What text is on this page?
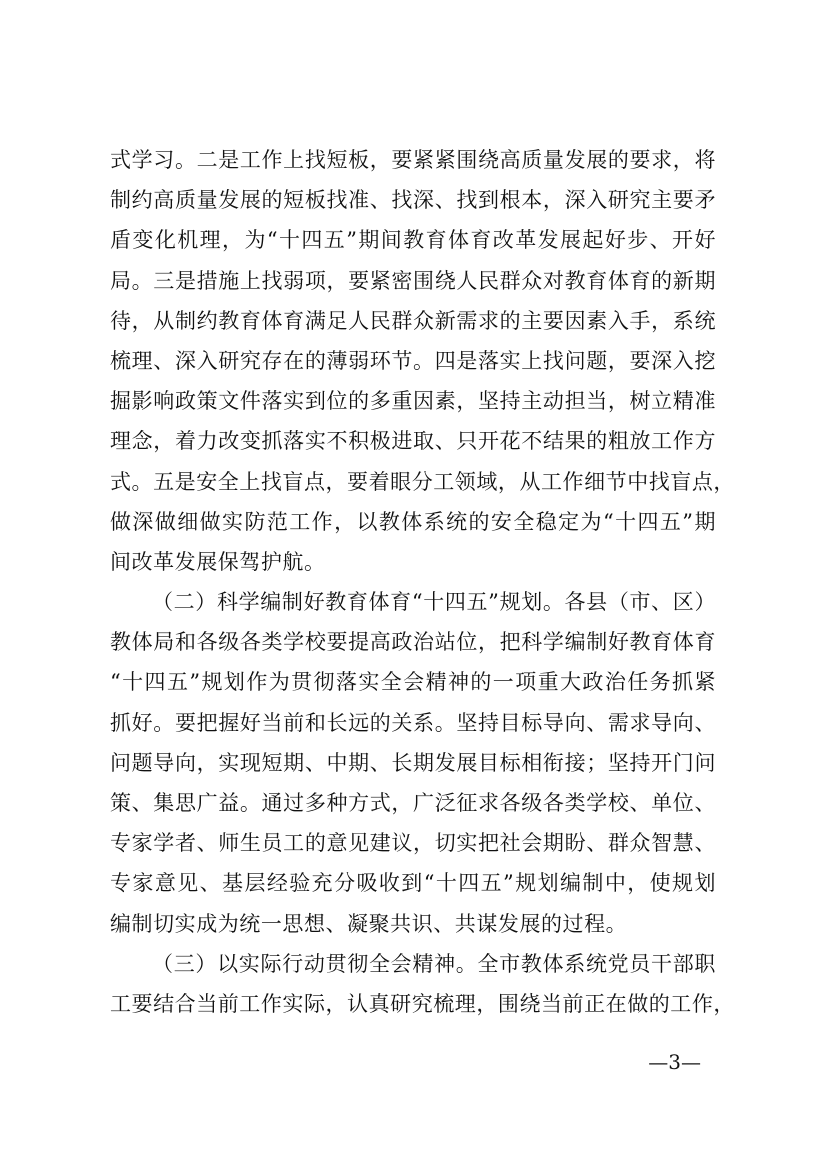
式学习。二是工作上找短板，要紧紧围绕高质量发展的要求，将
制约高质量发展的短板找准、找深、找到根本，深入研究主要矛
盾变化机理，为“十四五”期间教育体育改革发展起好步、开好
局。三是措施上找弱项，要紧密围绕人民群众对教育体育的新期
待，从制约教育体育满足人民群众新需求的主要因素入手，系统
梳理、深入研究存在的薄弱环节。四是落实上找问题，要深入挖
掘影响政策文件落实到位的多重因素，坚持主动担当，树立精准
理念，着力改变抓落实不积极进取、只开花不结果的粗放工作方
式。五是安全上找盲点，要着眼分工领域，从工作细节中找盲点，
做深做细做实防范工作，以教体系统的安全稳定为“十四五”期
间改革发展保驾护航。
（二）科学编制好教育体育“十四五”规划。各县（市、区）
教体局和各级各类学校要提高政治站位，把科学编制好教育体育
“十四五”规划作为贯彻落实全会精神的一项重大政治任务抓紧
抓好。要把握好当前和长远的关系。坚持目标导向、需求导向、
问题导向，实现短期、中期、长期发展目标相衔接；坚持开门问
策、集思广益。通过多种方式，广泛征求各级各类学校、单位、
专家学者、师生员工的意见建议，切实把社会期盼、群众智慧、
专家意见、基层经验充分吸收到“十四五”规划编制中，使规划
编制切实成为统一思想、凝聚共识、共谋发展的过程。
（三）以实际行动贯彻全会精神。全市教体系统党员干部职
工要结合当前工作实际，认真研究梳理，围绕当前正在做的工作，
—3—
